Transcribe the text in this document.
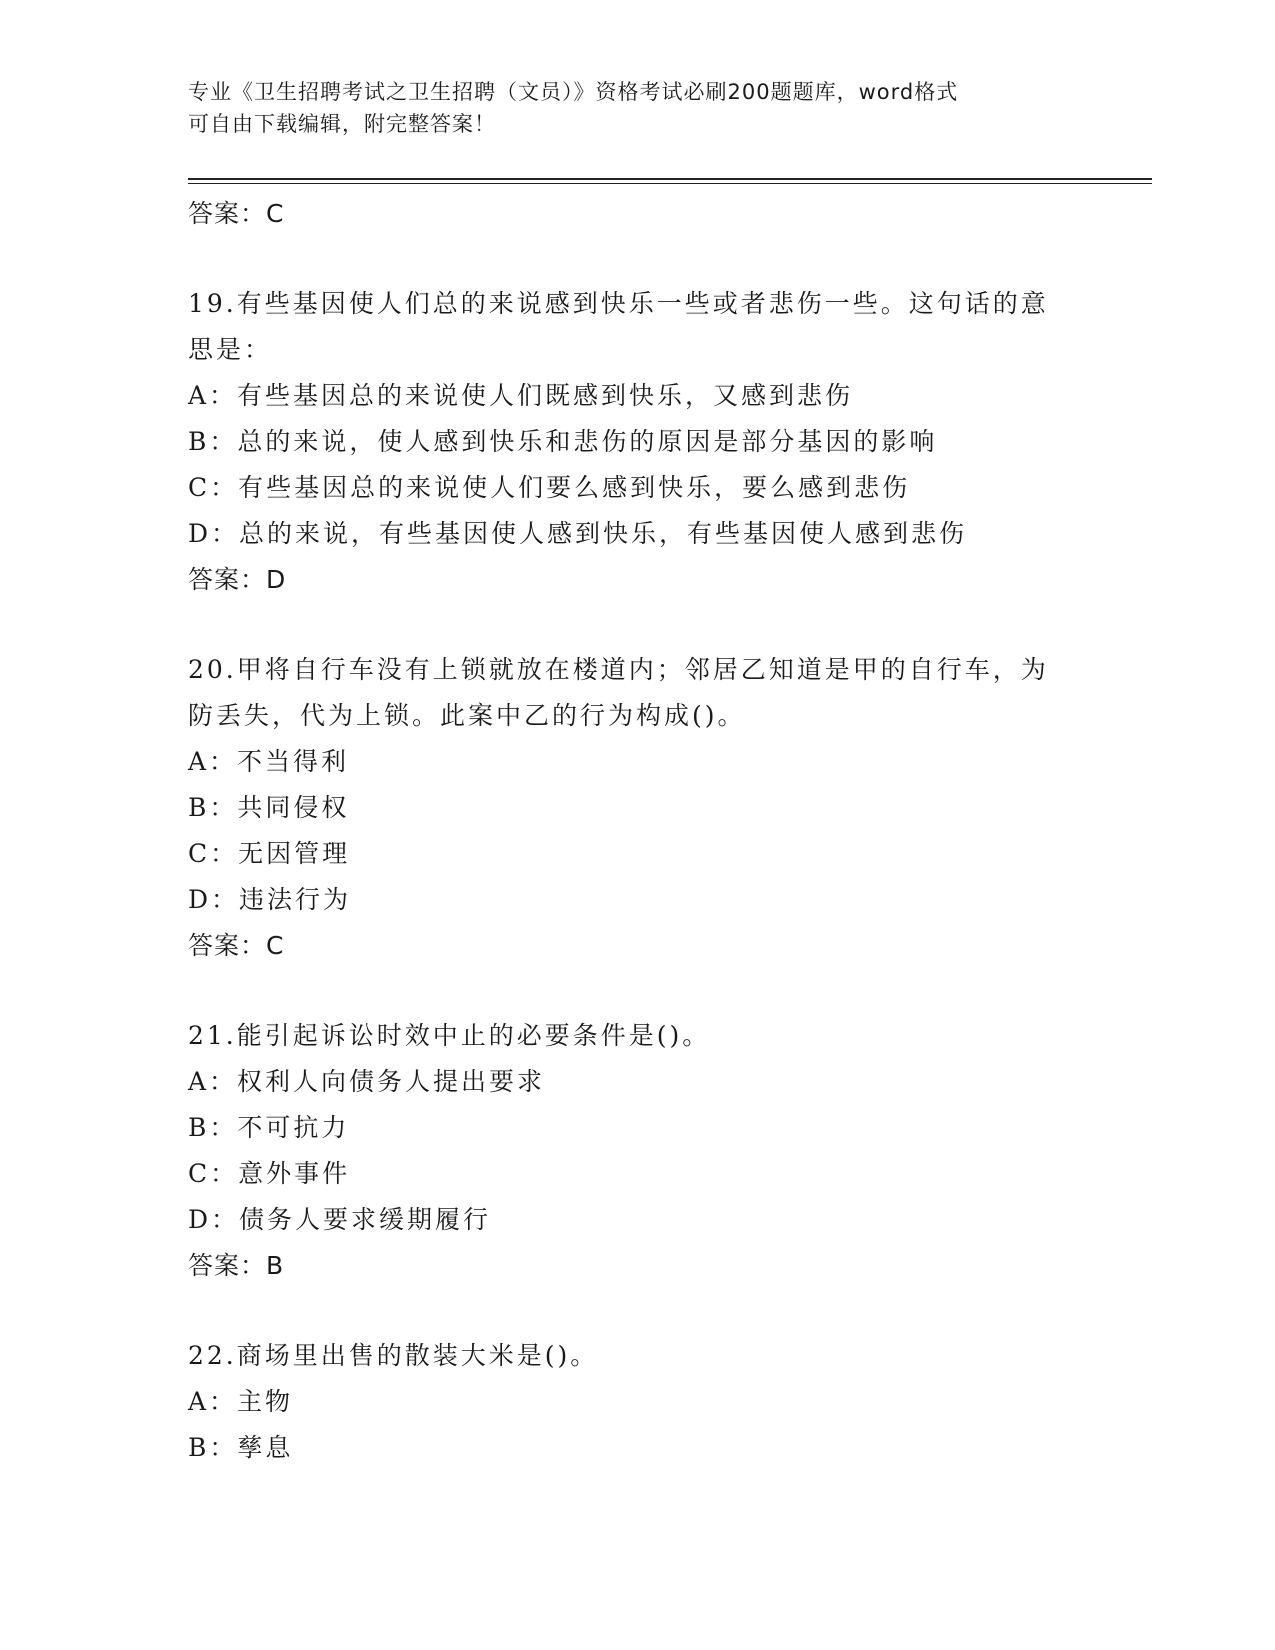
专业《卫生招聘考试之卫生招聘（文员）》资格考试必刷200题题库，word格式
可自由下载编辑，附完整答案！
答案：C
19.有些基因使人们总的来说感到快乐一些或者悲伤一些。这句话的意
思是：
A：有些基因总的来说使人们既感到快乐，又感到悲伤
B：总的来说，使人感到快乐和悲伤的原因是部分基因的影响
C：有些基因总的来说使人们要么感到快乐，要么感到悲伤
D：总的来说，有些基因使人感到快乐，有些基因使人感到悲伤
答案：D
20.甲将自行车没有上锁就放在楼道内；邻居乙知道是甲的自行车，为
防丢失，代为上锁。此案中乙的行为构成()。
A：不当得利
B：共同侵权
C：无因管理
D：违法行为
答案：C
21.能引起诉讼时效中止的必要条件是()。
A：权利人向债务人提出要求
B：不可抗力
C：意外事件
D：债务人要求缓期履行
答案：B
22.商场里出售的散装大米是()。
A：主物
B：孳息
